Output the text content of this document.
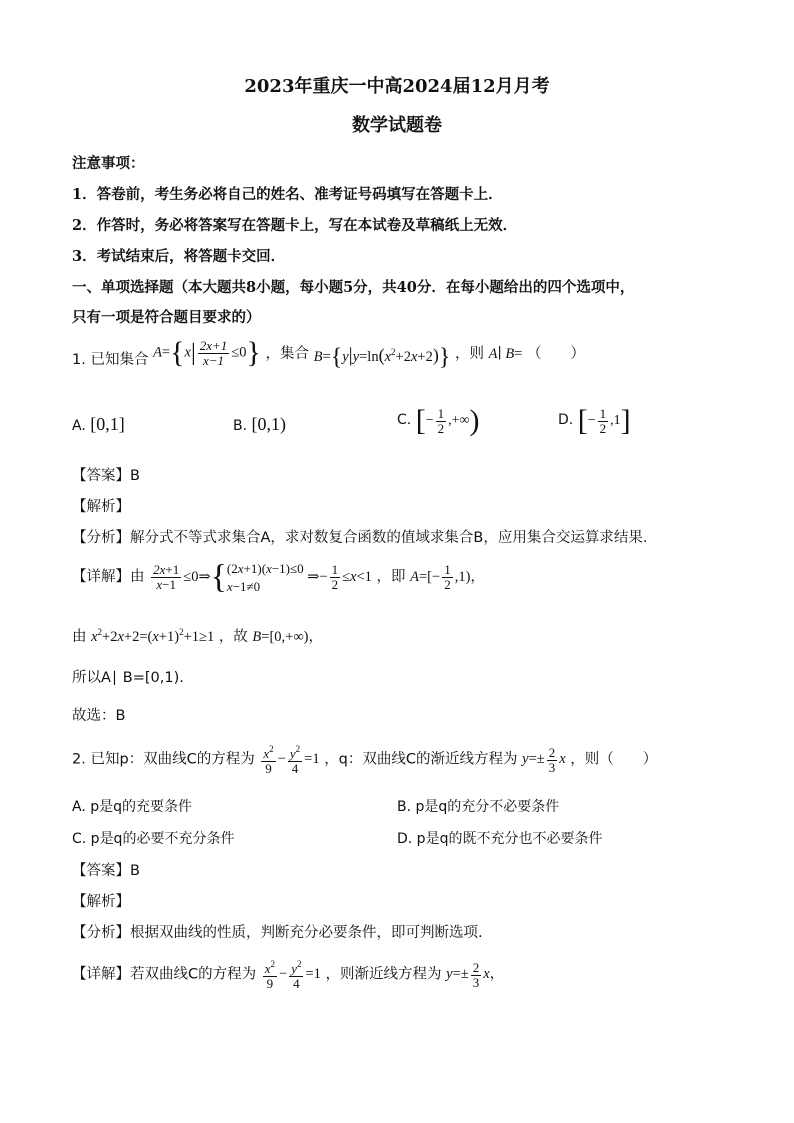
2023年重庆一中高2024届12月月考
数学试题卷
注意事项：
1．答卷前，考生务必将自己的姓名、准考证号码填写在答题卡上．
2．作答时，务必将答案写在答题卡上，写在本试卷及草稿纸上无效．
3．考试结束后，将答题卡交回．
一、单项选择题（本大题共8小题，每小题5分，共40分．在每小题给出的四个选项中，
只有一项是符合题目要求的）
1. 已知集合 $A=\{x| \frac{2x+1}{x-1} \le 0\}$ ，集合 $B=\{y|y=\ln(x^2+2x+2)\}$ ，则 A∣ B= （　　）
A. [0,1]	B. [0,1)	C. [− $\frac{1}{2}$ ,+∞)	D. [− $\frac{1}{2} ,1$]
【答案】B
【解析】
【分析】解分式不等式求集合A，求对数复合函数的值域求集合B，应用集合交运算求结果.
【详解】由 $\frac{2x+1}{x-1}$ ≤0⇒{ (2x+1)(x−1)≤0
x−1≠0
⇒− $\frac{1}{2} \le x<1$ ，即 $A=[- \frac{1}{2} ,1)$，
由 $x^2+2x+2=(x+1)^2+1\ge 1$ ，故 B=[0,+∞)，
所以A∣ B=[0,1).
故选：B
2. 已知p：双曲线C的方程为 $\frac{x^2}{9} - \frac{y^2}{4} =1$ ，q：双曲线C的渐近线方程为 $y=\pm \frac{2}{3}$ x ，则（　　）
A. p是q的充要条件	B. p是q的充分不必要条件
C. p是q的必要不充分条件	D. p是q的既不充分也不必要条件
【答案】B
【解析】
【分析】根据双曲线的性质，判断充分必要条件，即可判断选项.
【详解】若双曲线C的方程为 $\frac{x^2}{9} - \frac{y^2}{4} =1$ ，则渐近线方程为 $y=\pm \frac{2}{3}$ x，
